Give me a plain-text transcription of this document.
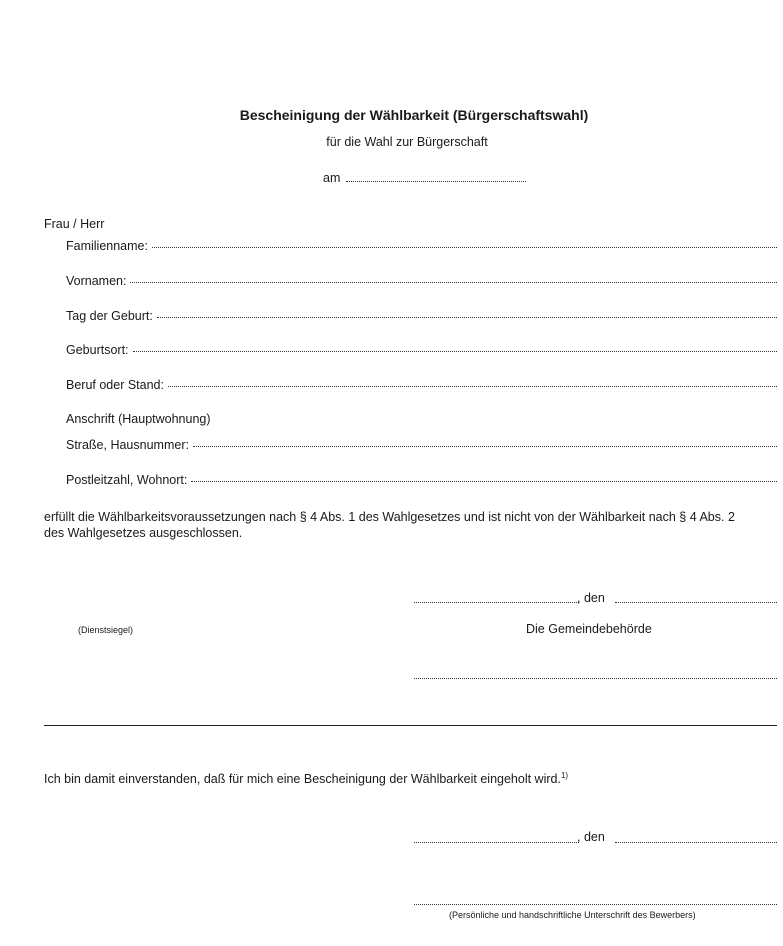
Bescheinigung der Wählbarkeit (Bürgerschaftswahl)
für die Wahl zur Bürgerschaft
am
Frau / Herr
Familienname:
Vornamen:
Tag der Geburt:
Geburtsort:
Beruf oder Stand:
Anschrift (Hauptwohnung)
Straße, Hausnummer:
Postleitzahl, Wohnort:
erfüllt die Wählbarkeitsvoraussetzungen nach § 4 Abs. 1 des Wahlgesetzes und ist nicht von der Wählbarkeit nach § 4 Abs. 2 des Wahlgesetzes ausgeschlossen.
, den
(Dienstsiegel)	Die Gemeindebehörde
Ich bin damit einverstanden, daß für mich eine Bescheinigung der Wählbarkeit eingeholt wird.$^{1)}$
, den
(Persönliche und handschriftliche Unterschrift des Bewerbers)
